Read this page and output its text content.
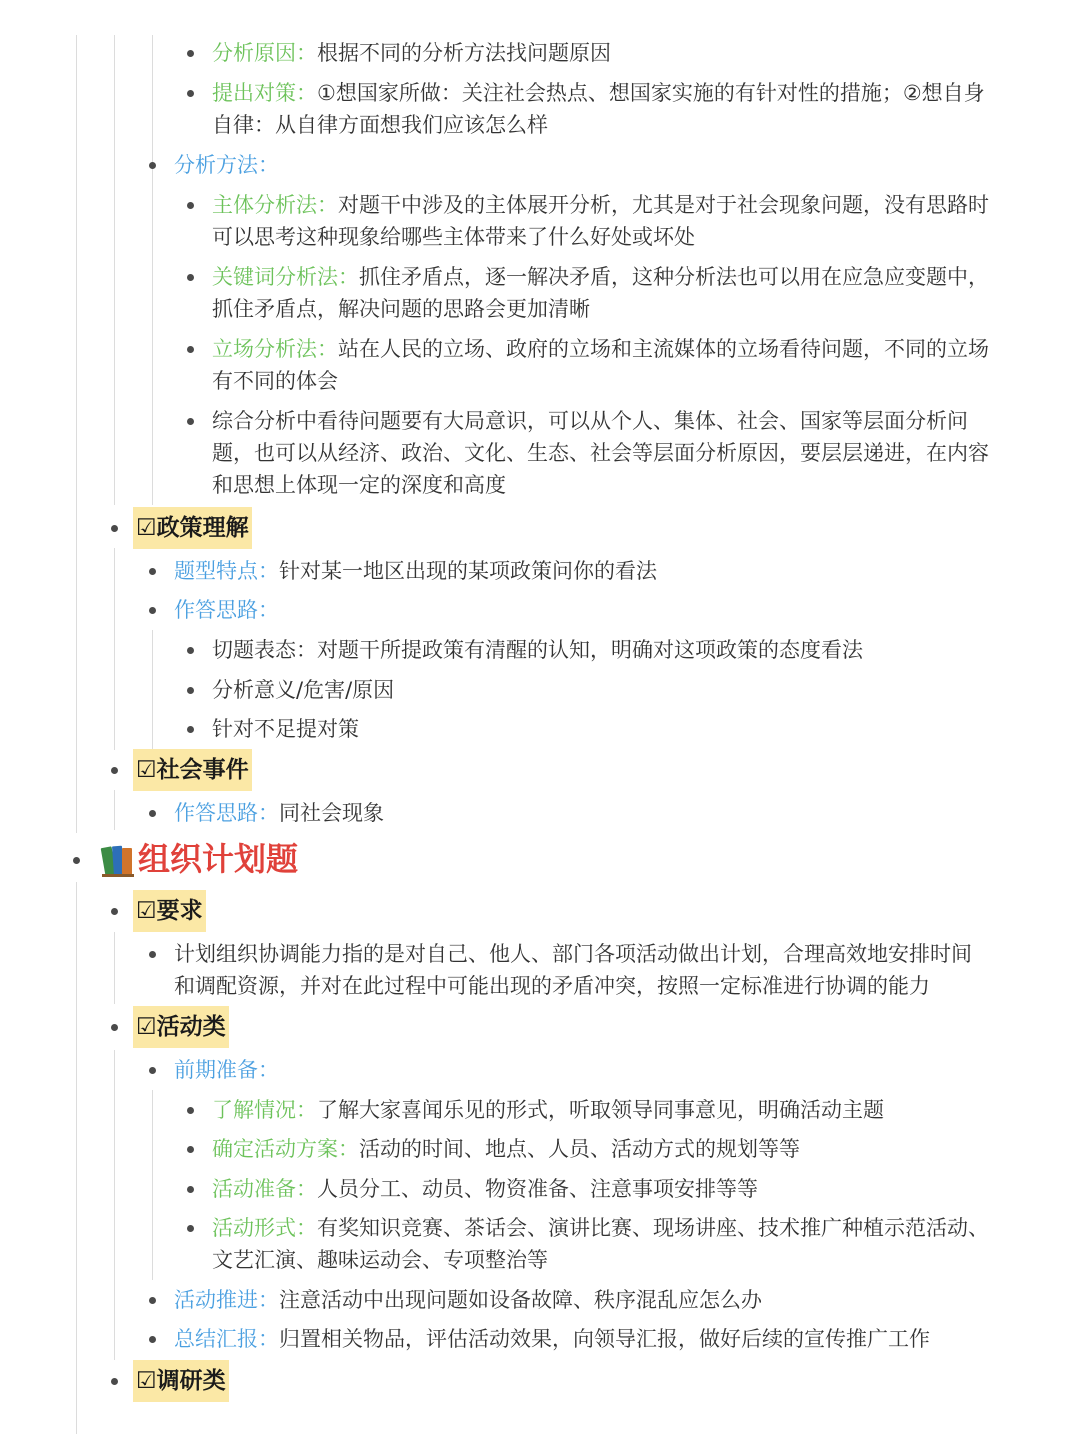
分析原因：根据不同的分析方法找问题原因
提出对策：①想国家所做：关注社会热点、想国家实施的有针对性的措施；②想自身
自律：从自律方面想我们应该怎么样
分析方法：
主体分析法：对题干中涉及的主体展开分析，尤其是对于社会现象问题，没有思路时
可以思考这种现象给哪些主体带来了什么好处或坏处
关键词分析法：抓住矛盾点，逐一解决矛盾，这种分析法也可以用在应急应变题中，
抓住矛盾点，解决问题的思路会更加清晰
立场分析法：站在人民的立场、政府的立场和主流媒体的立场看待问题，不同的立场
有不同的体会
综合分析中看待问题要有大局意识，可以从个人、集体、社会、国家等层面分析问
题，也可以从经济、政治、文化、生态、社会等层面分析原因，要层层递进，在内容
和思想上体现一定的深度和高度
☑政策理解
题型特点：针对某一地区出现的某项政策问你的看法
作答思路：
切题表态：对题干所提政策有清醒的认知，明确对这项政策的态度看法
分析意义/危害/原因
针对不足提对策
☑社会事件
作答思路：同社会现象
组织计划题
☑要求
计划组织协调能力指的是对自己、他人、部门各项活动做出计划，合理高效地安排时间
和调配资源，并对在此过程中可能出现的矛盾冲突，按照一定标准进行协调的能力
☑活动类
前期准备：
了解情况：了解大家喜闻乐见的形式，听取领导同事意见，明确活动主题
确定活动方案：活动的时间、地点、人员、活动方式的规划等等
活动准备：人员分工、动员、物资准备、注意事项安排等等
活动形式：有奖知识竞赛、茶话会、演讲比赛、现场讲座、技术推广种植示范活动、
文艺汇演、趣味运动会、专项整治等
活动推进：注意活动中出现问题如设备故障、秩序混乱应怎么办
总结汇报：归置相关物品，评估活动效果，向领导汇报，做好后续的宣传推广工作
☑调研类
